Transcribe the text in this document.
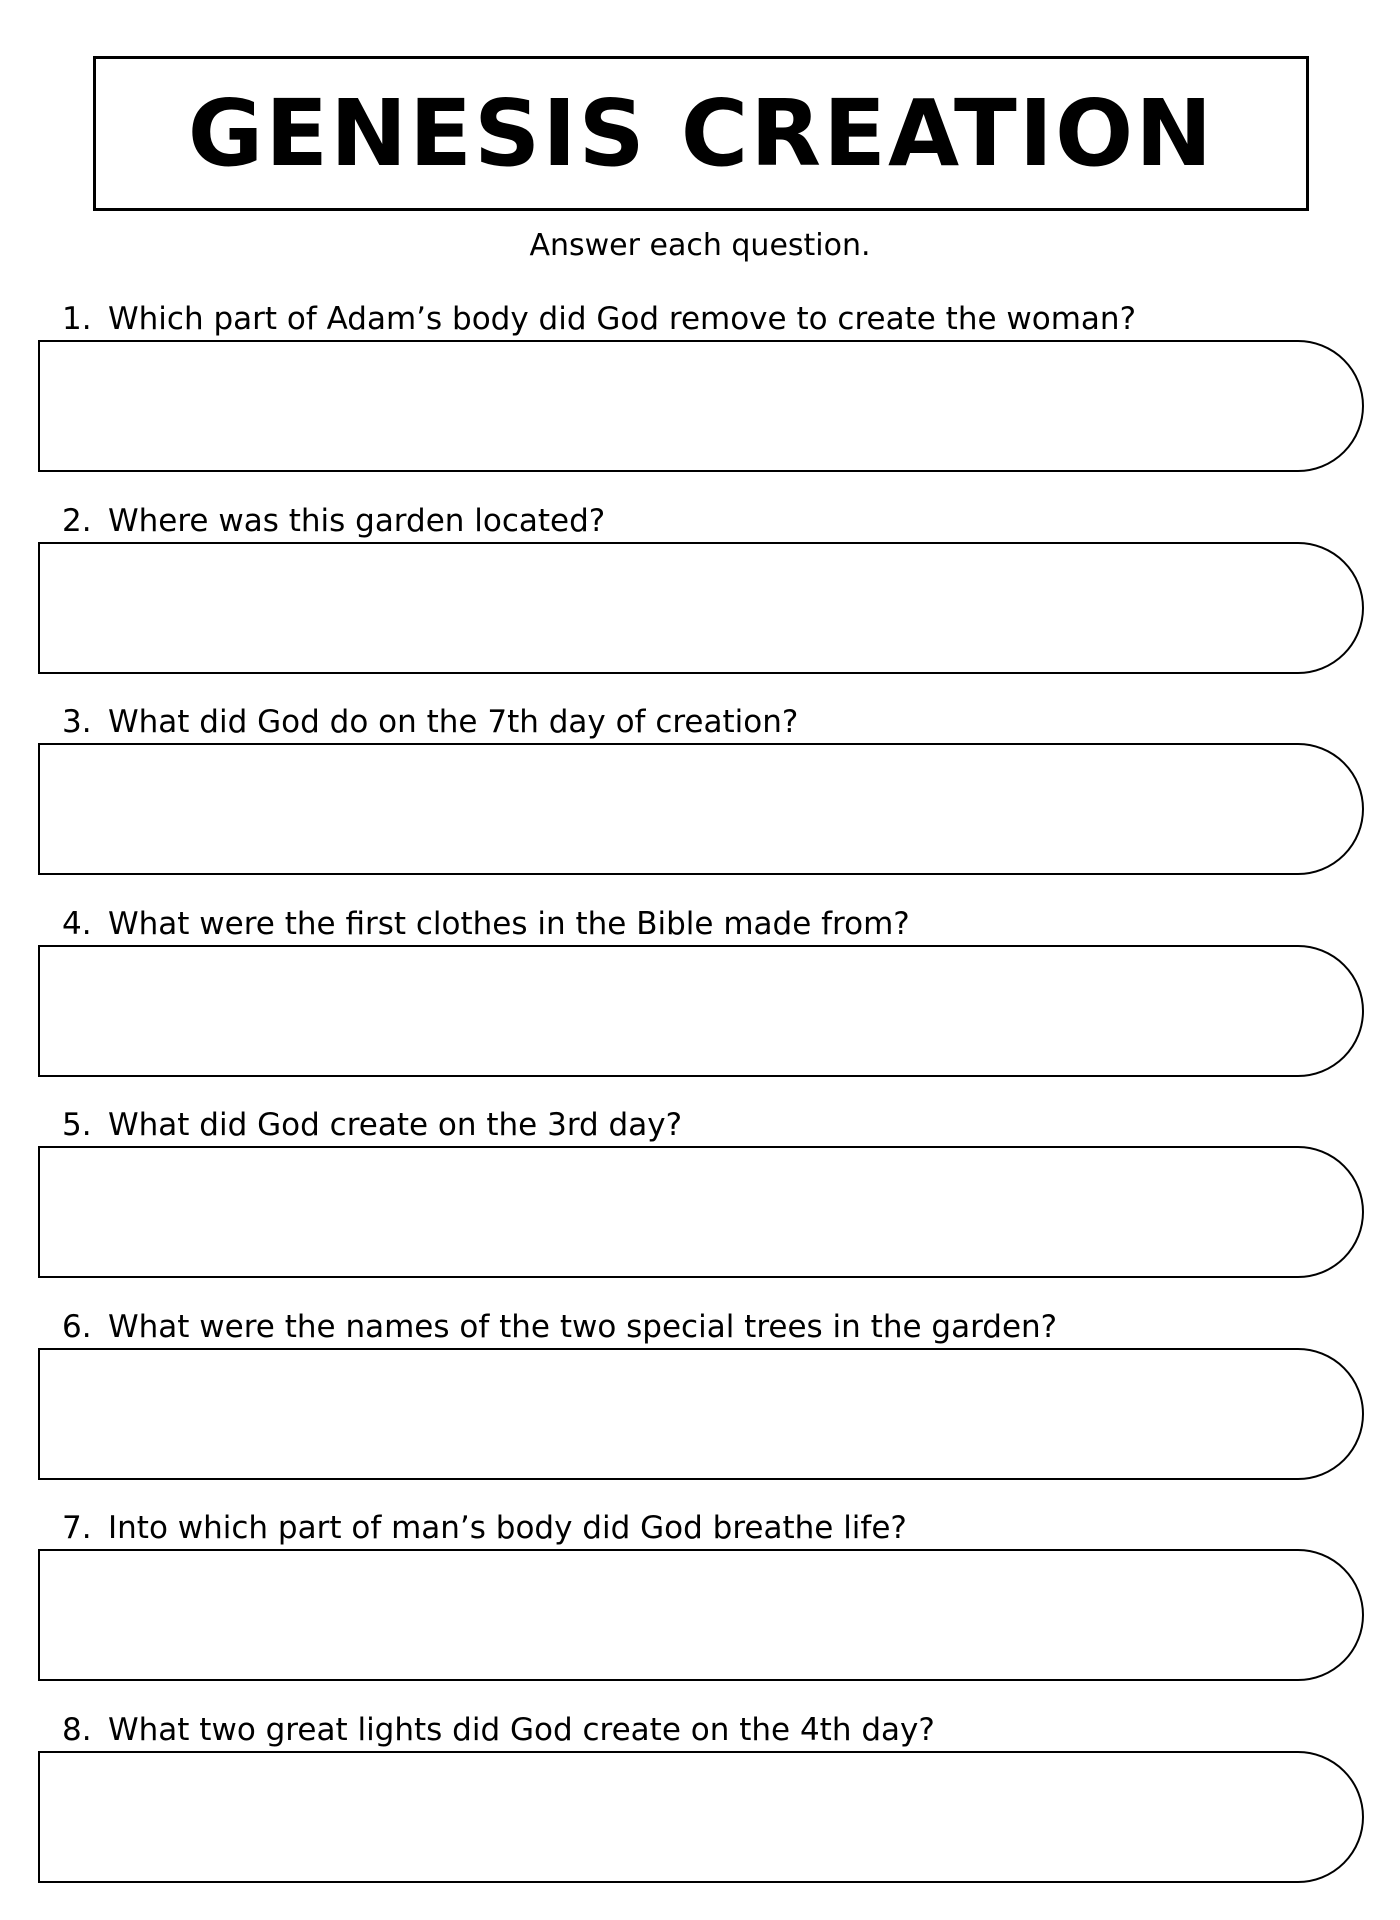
GENESIS CREATION
Answer each question.
1. Which part of Adam’s body did God remove to create the woman?
2. Where was this garden located?
3. What did God do on the 7th day of creation?
4. What were the first clothes in the Bible made from?
5. What did God create on the 3rd day?
6. What were the names of the two special trees in the garden?
7. Into which part of man’s body did God breathe life?
8. What two great lights did God create on the 4th day?
